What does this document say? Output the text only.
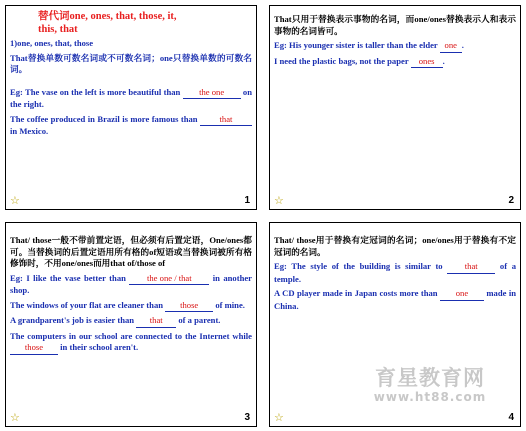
替代词one, ones, that, those, it,
this, that

1)one, ones, that, those

That替换单数可数名词或不可数名词；one只替换单数的可数名词。

Eg: The vase on the left is more beautiful than the one on the right.

The coffee produced in Brazil is more famous than that in Mexico.

☆	1

That只用于替换表示事物的名词，而one/ones替换表示人和表示事物的名词皆可。

Eg: His younger sister is taller than the elder one .

I need the plastic bags, not the paper ones .

☆	2

That/ those一般不带前置定语，但必须有后置定语，One/ones都可。当替换词的后置定语用所有格的of短语或当替换词被所有格修饰时，不用one/ones而用that of/those of

Eg: I like the vase better than the one / that in another shop.

The windows of your flat are cleaner than those of mine.

A grandparent's job is easier than that of a parent.

The computers in our school are connected to the Internet while those in their school aren't.

☆	3

That/ those用于替换有定冠词的名词；one/ones用于替换有不定冠词的名词。

Eg: The style of the building is similar to that of a temple.

A CD player made in Japan costs more than one made in China.

☆	4
育星教育网
www.ht88.com
